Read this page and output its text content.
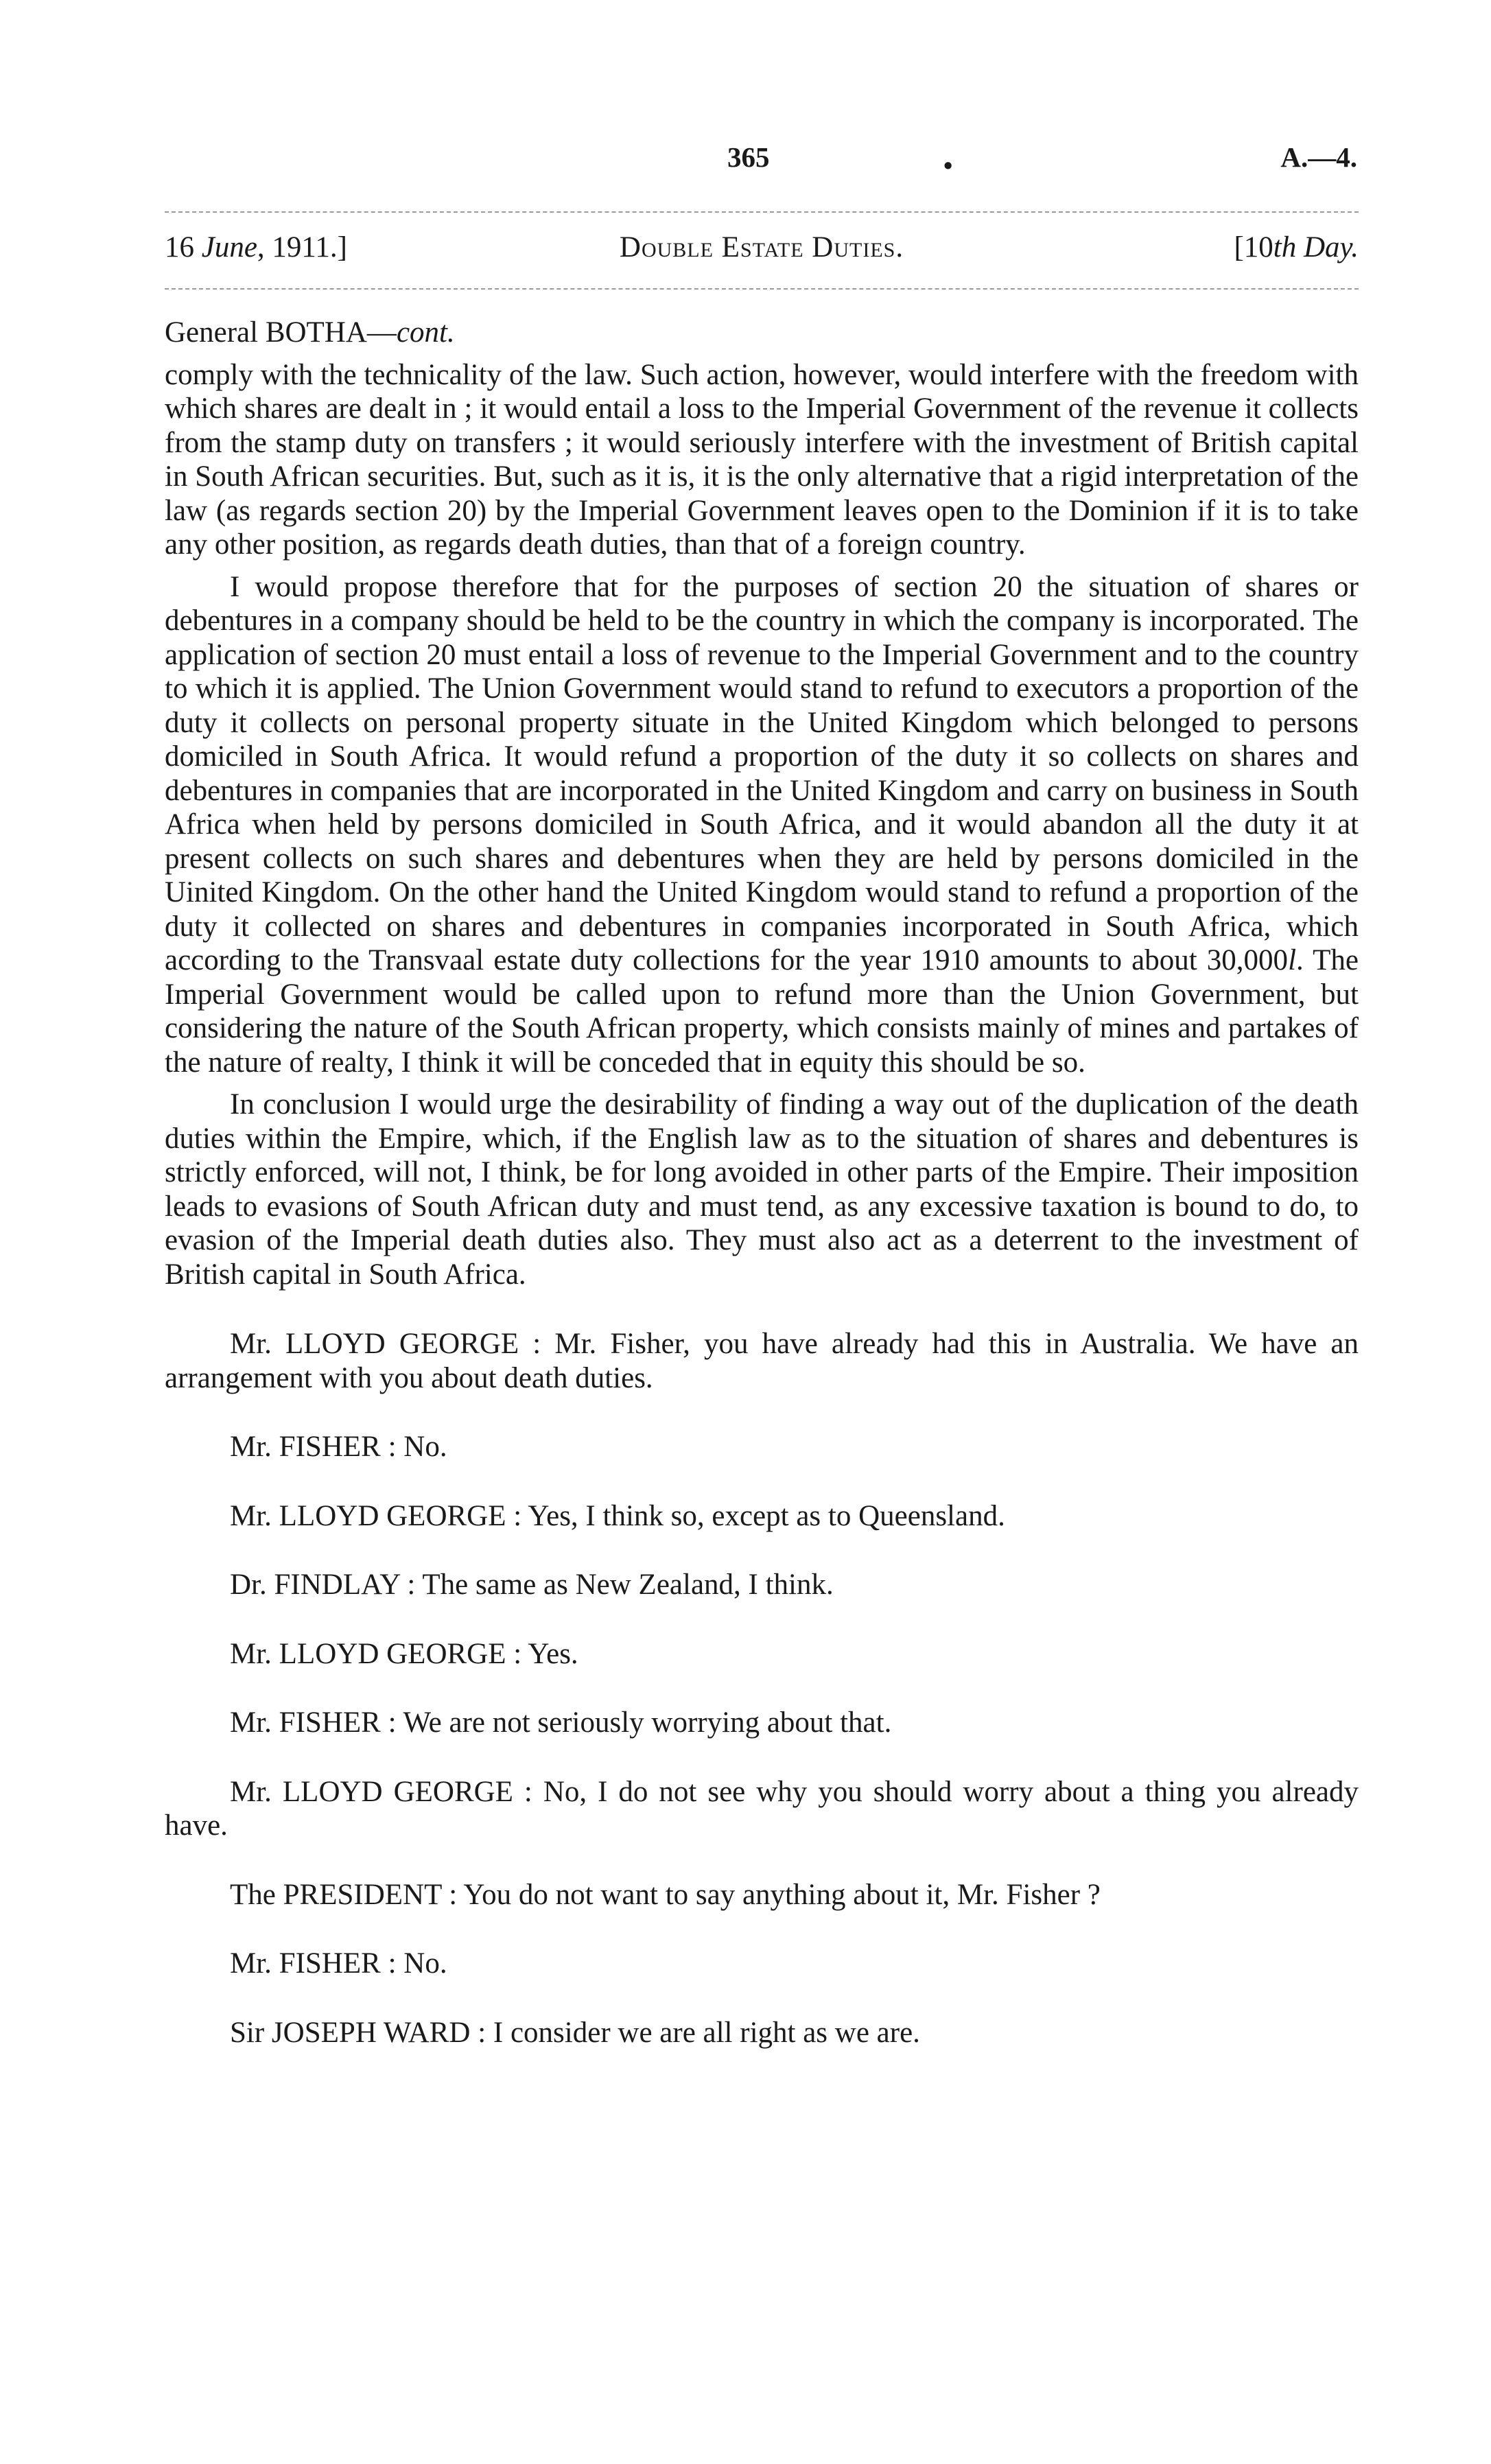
365	•	A.—4.
16 June, 1911.]	Double Estate Duties.	[10th Day.
General BOTHA—cont.

comply with the technicality of the law. Such action, however, would interfere with the freedom with which shares are dealt in ; it would entail a loss to the Imperial Government of the revenue it collects from the stamp duty on transfers ; it would seriously interfere with the investment of British capital in South African securities. But, such as it is, it is the only alternative that a rigid interpretation of the law (as regards section 20) by the Imperial Government leaves open to the Dominion if it is to take any other position, as regards death duties, than that of a foreign country.

I would propose therefore that for the purposes of section 20 the situation of shares or debentures in a company should be held to be the country in which the company is incorporated. The application of section 20 must entail a loss of revenue to the Imperial Government and to the country to which it is applied. The Union Government would stand to refund to executors a proportion of the duty it collects on personal property situate in the United Kingdom which belonged to persons domiciled in South Africa. It would refund a proportion of the duty it so collects on shares and debentures in companies that are incorporated in the United Kingdom and carry on business in South Africa when held by persons domiciled in South Africa, and it would abandon all the duty it at present collects on such shares and debentures when they are held by persons domiciled in the Uinited Kingdom. On the other hand the United Kingdom would stand to refund a proportion of the duty it collected on shares and debentures in companies incorporated in South Africa, which according to the Transvaal estate duty collections for the year 1910 amounts to about 30,000l. The Imperial Government would be called upon to refund more than the Union Government, but considering the nature of the South African property, which consists mainly of mines and partakes of the nature of realty, I think it will be conceded that in equity this should be so.

In conclusion I would urge the desirability of finding a way out of the duplication of the death duties within the Empire, which, if the English law as to the situation of shares and debentures is strictly enforced, will not, I think, be for long avoided in other parts of the Empire. Their imposition leads to evasions of South African duty and must tend, as any excessive taxation is bound to do, to evasion of the Imperial death duties also. They must also act as a deterrent to the investment of British capital in South Africa.

Mr. LLOYD GEORGE : Mr. Fisher, you have already had this in Australia. We have an arrangement with you about death duties.

Mr. FISHER : No.

Mr. LLOYD GEORGE : Yes, I think so, except as to Queensland.

Dr. FINDLAY : The same as New Zealand, I think.

Mr. LLOYD GEORGE : Yes.

Mr. FISHER : We are not seriously worrying about that.

Mr. LLOYD GEORGE : No, I do not see why you should worry about a thing you already have.

The PRESIDENT : You do not want to say anything about it, Mr. Fisher ?

Mr. FISHER : No.

Sir JOSEPH WARD : I consider we are all right as we are.
